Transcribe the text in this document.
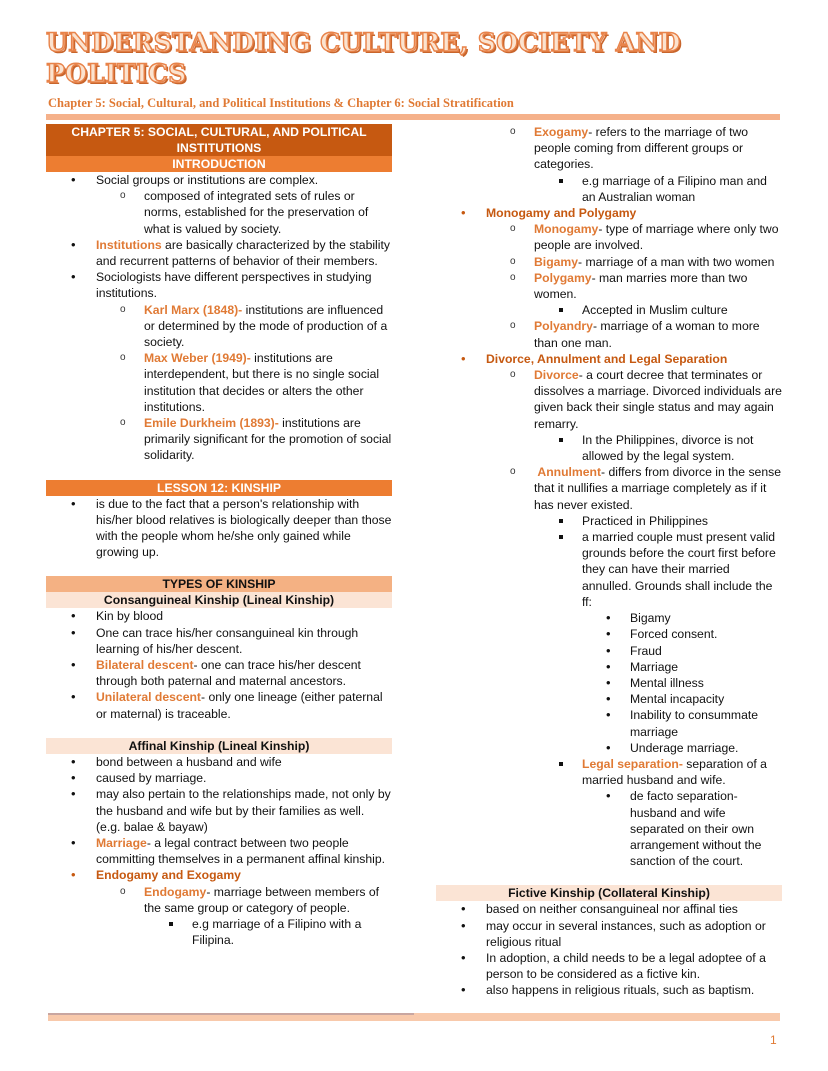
UNDERSTANDING CULTURE, SOCIETY AND POLITICS
Chapter 5: Social, Cultural, and Political Institutions & Chapter 6: Social Stratification
CHAPTER 5: SOCIAL, CULTURAL, AND POLITICAL INSTITUTIONS
INTRODUCTION
• Social groups or institutions are complex.
o composed of integrated sets of rules or norms, established for the preservation of what is valued by society.
• Institutions are basically characterized by the stability and recurrent patterns of behavior of their members.
• Sociologists have different perspectives in studying institutions.
o Karl Marx (1848)- institutions are influenced or determined by the mode of production of a society.
o Max Weber (1949)- institutions are interdependent, but there is no single social institution that decides or alters the other institutions.
o Emile Durkheim (1893)- institutions are primarily significant for the promotion of social solidarity.
LESSON 12: KINSHIP
• is due to the fact that a person's relationship with his/her blood relatives is biologically deeper than those with the people whom he/she only gained while growing up.
TYPES OF KINSHIP
Consanguineal Kinship (Lineal Kinship)
• Kin by blood
• One can trace his/her consanguineal kin through learning of his/her descent.
• Bilateral descent- one can trace his/her descent through both paternal and maternal ancestors.
• Unilateral descent- only one lineage (either paternal or maternal) is traceable.
Affinal Kinship (Lineal Kinship)
• bond between a husband and wife
• caused by marriage.
• may also pertain to the relationships made, not only by the husband and wife but by their families as well. (e.g. balae & bayaw)
• Marriage- a legal contract between two people committing themselves in a permanent affinal kinship.
• Endogamy and Exogamy
o Endogamy- marriage between members of the same group or category of people.
e.g marriage of a Filipino with a Filipina.
o Exogamy- refers to the marriage of two people coming from different groups or categories.
e.g marriage of a Filipino man and an Australian woman
• Monogamy and Polygamy
o Monogamy- type of marriage where only two people are involved.
o Bigamy- marriage of a man with two women
o Polygamy- man marries more than two women.
Accepted in Muslim culture
o Polyandry- marriage of a woman to more than one man.
• Divorce, Annulment and Legal Separation
o Divorce- a court decree that terminates or dissolves a marriage. Divorced individuals are given back their single status and may again remarry.
In the Philippines, divorce is not allowed by the legal system.
o Annulment- differs from divorce in the sense that it nullifies a marriage completely as if it has never existed.
Practiced in Philippines
a married couple must present valid grounds before the court first before they can have their married annulled. Grounds shall include the ff:
• Bigamy
• Forced consent.
• Fraud
• Marriage
• Mental illness
• Mental incapacity
• Inability to consummate marriage
• Underage marriage.
Legal separation- separation of a married husband and wife.
• de facto separation- husband and wife separated on their own arrangement without the sanction of the court.
Fictive Kinship (Collateral Kinship)
• based on neither consanguineal nor affinal ties
• may occur in several instances, such as adoption or religious ritual
• In adoption, a child needs to be a legal adoptee of a person to be considered as a fictive kin.
• also happens in religious rituals, such as baptism.
1
